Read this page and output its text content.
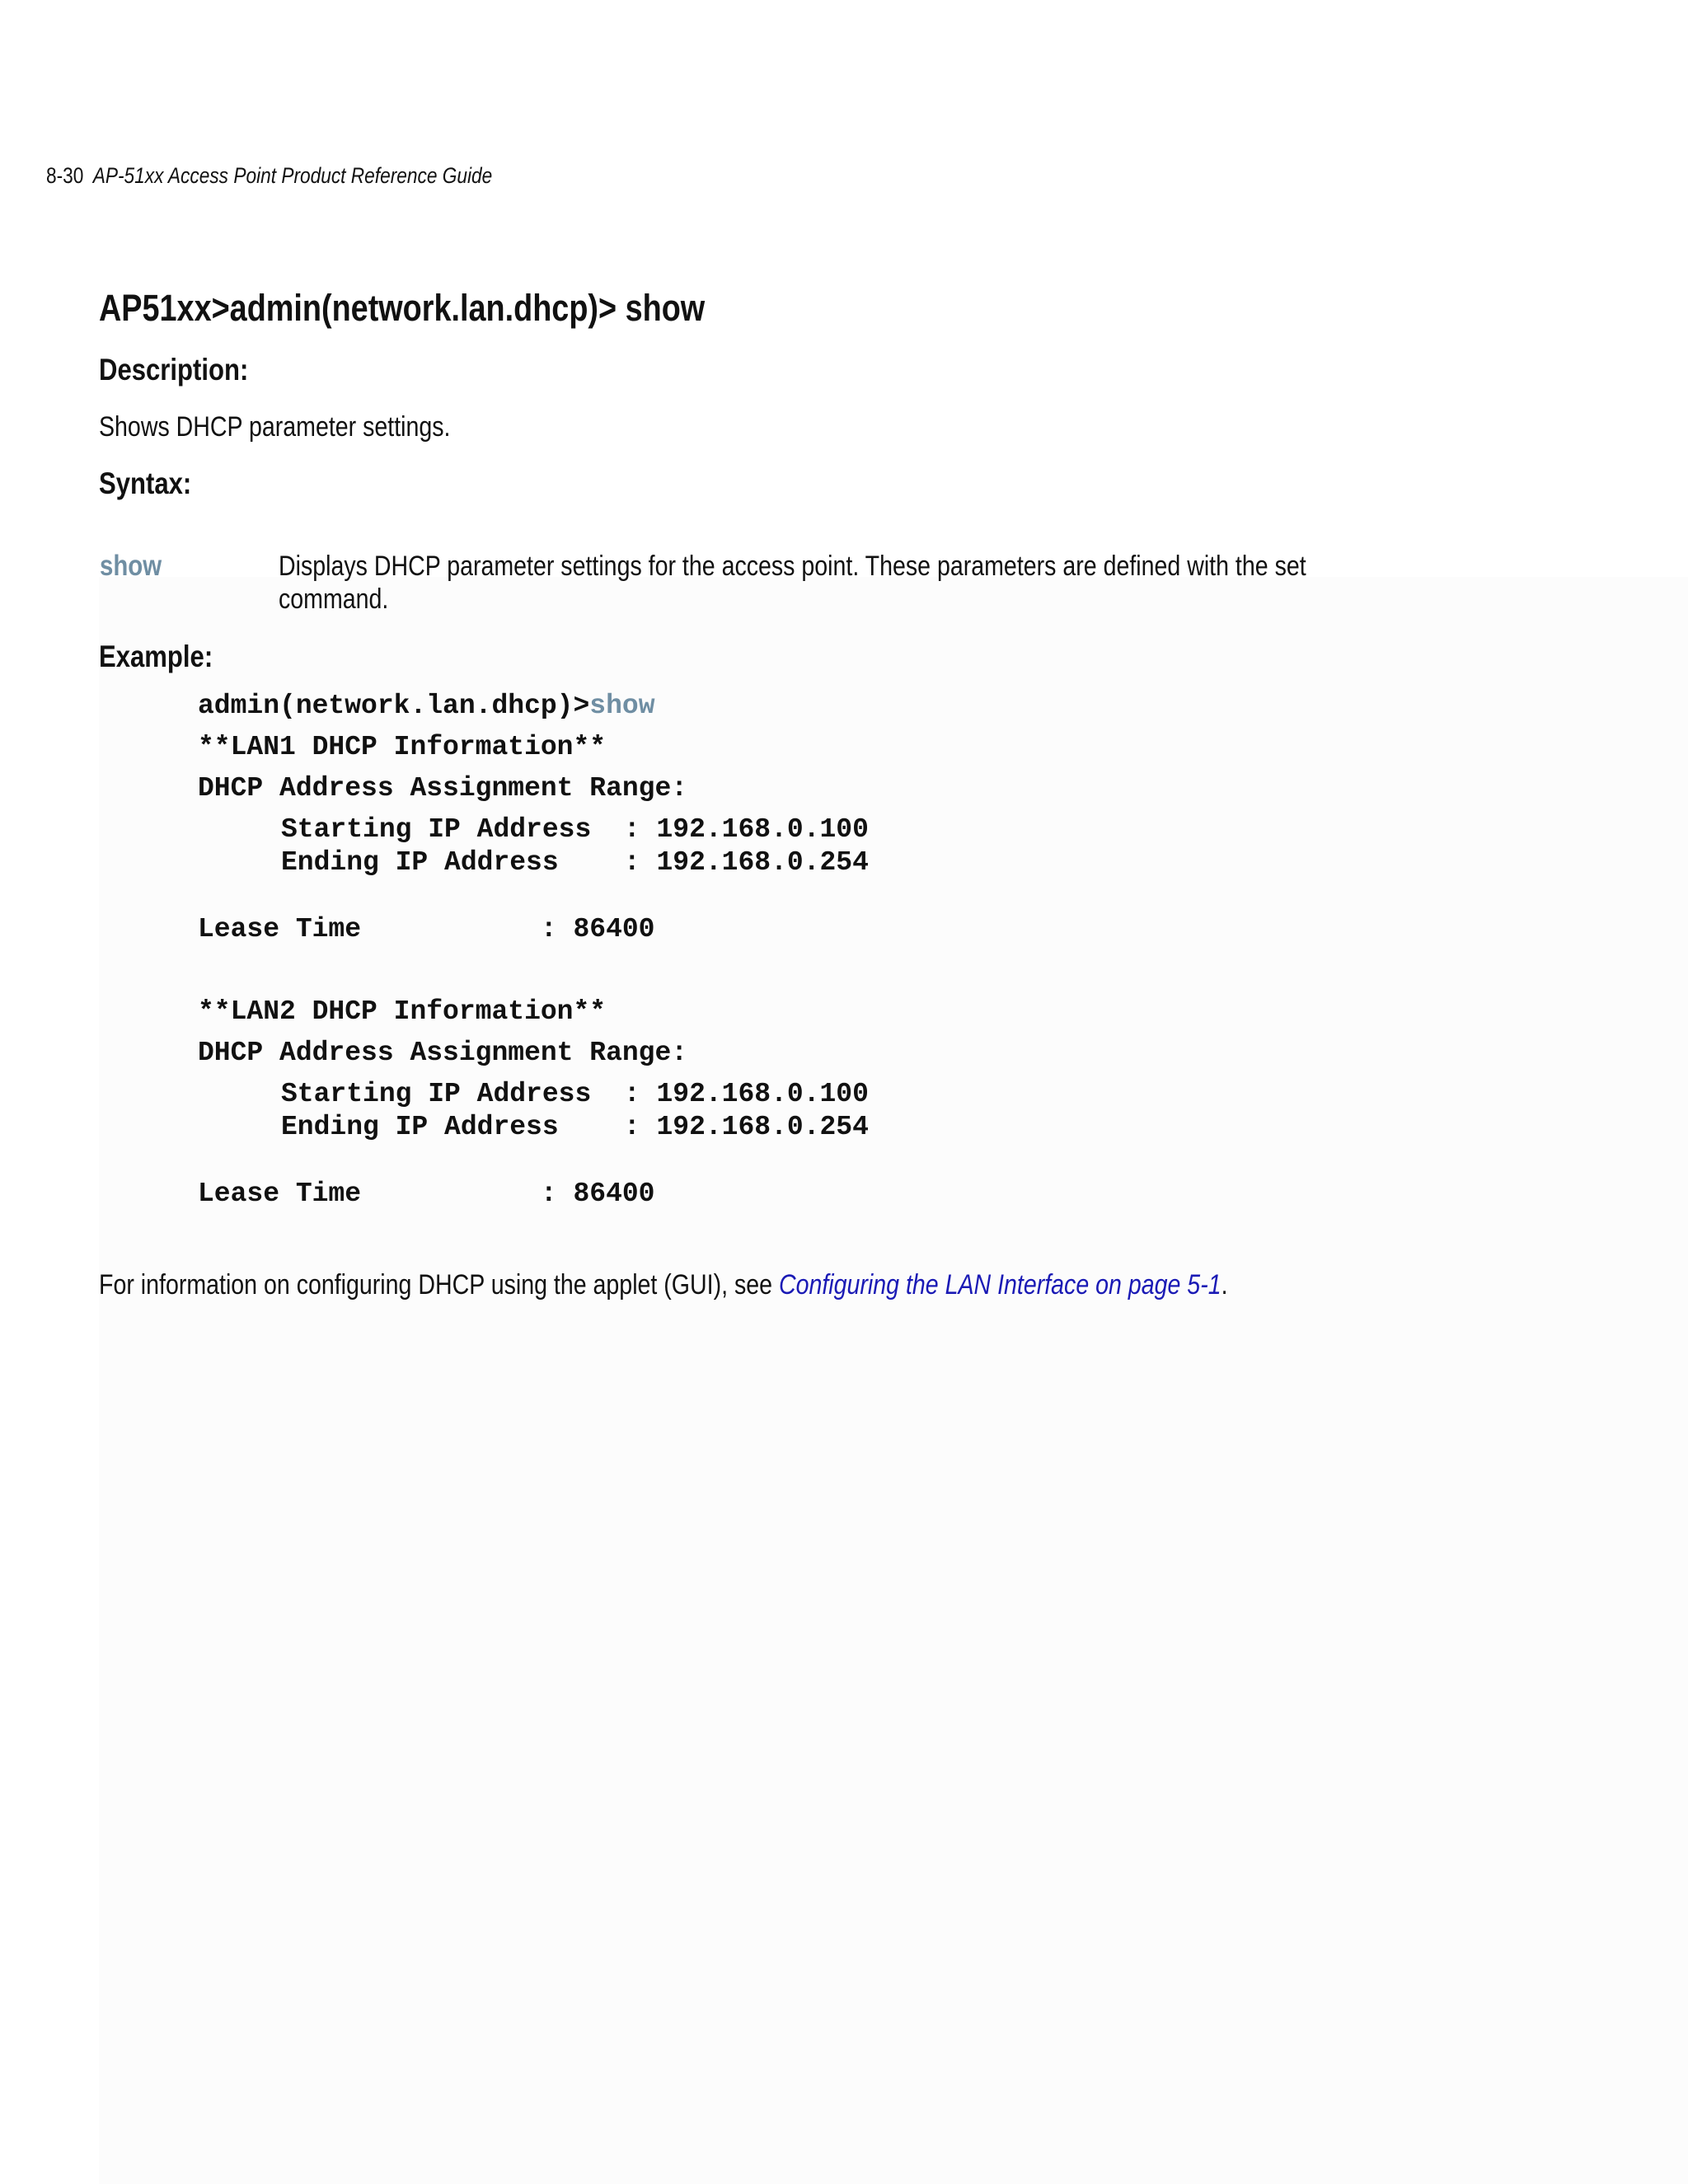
8-30 AP-51xx Access Point Product Reference Guide
AP51xx>admin(network.lan.dhcp)> show
Description:
Shows DHCP parameter settings.
Syntax:
show	Displays DHCP parameter settings for the access point. These parameters are defined with the set command.
Example:
admin(network.lan.dhcp)>show
**LAN1 DHCP Information**
DHCP Address Assignment Range:
Starting IP Address  : 192.168.0.100
Ending IP Address    : 192.168.0.254
Lease Time           : 86400
**LAN2 DHCP Information**
DHCP Address Assignment Range:
Starting IP Address  : 192.168.0.100
Ending IP Address    : 192.168.0.254
Lease Time           : 86400
For information on configuring DHCP using the applet (GUI), see Configuring the LAN Interface on page 5-1.
